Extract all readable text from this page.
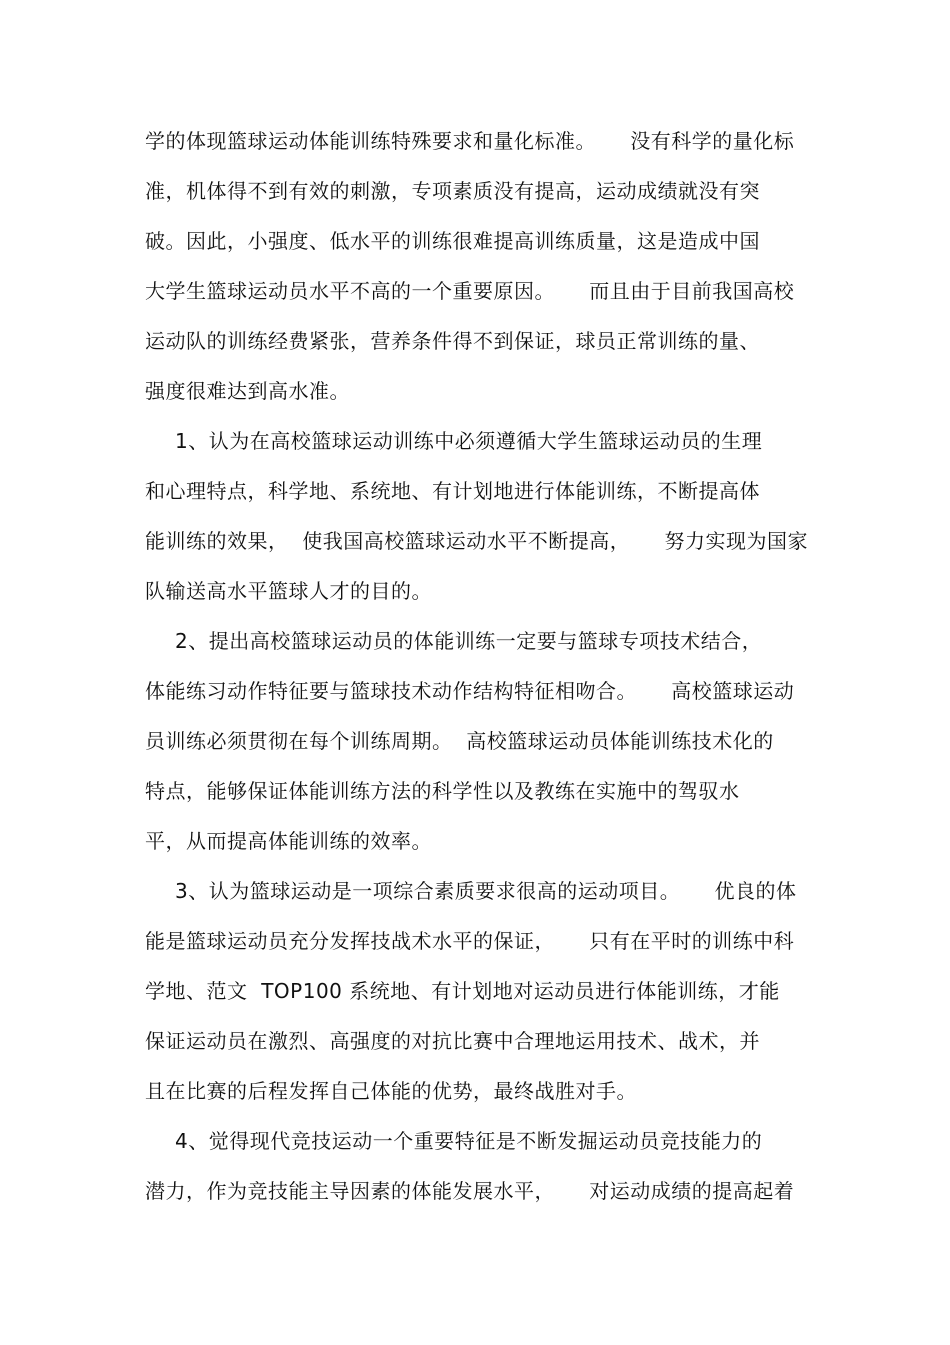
学的体现篮球运动体能训练特殊要求和量化标准。     没有科学的量化标
准，机体得不到有效的刺激，专项素质没有提高，运动成绩就没有突
破。因此，小强度、低水平的训练很难提高训练质量，这是造成中国
大学生篮球运动员水平不高的一个重要原因。     而且由于目前我国高校
运动队的训练经费紧张，营养条件得不到保证，球员正常训练的量、
强度很难达到高水准。
1、认为在高校篮球运动训练中必须遵循大学生篮球运动员的生理
和心理特点，科学地、系统地、有计划地进行体能训练，不断提高体
能训练的效果，  使我国高校篮球运动水平不断提高，     努力实现为国家
队输送高水平篮球人才的目的。
2、提出高校篮球运动员的体能训练一定要与篮球专项技术结合，
体能练习动作特征要与篮球技术动作结构特征相吻合。     高校篮球运动
员训练必须贯彻在每个训练周期。  高校篮球运动员体能训练技术化的
特点，能够保证体能训练方法的科学性以及教练在实施中的驾驭水
平，从而提高体能训练的效率。
3、认为篮球运动是一项综合素质要求很高的运动项目。     优良的体
能是篮球运动员充分发挥技战术水平的保证，     只有在平时的训练中科
学地、范文  TOP100 系统地、有计划地对运动员进行体能训练，才能
保证运动员在激烈、高强度的对抗比赛中合理地运用技术、战术，并
且在比赛的后程发挥自己体能的优势，最终战胜对手。
4、觉得现代竞技运动一个重要特征是不断发掘运动员竞技能力的
潜力，作为竞技能主导因素的体能发展水平，     对运动成绩的提高起着
